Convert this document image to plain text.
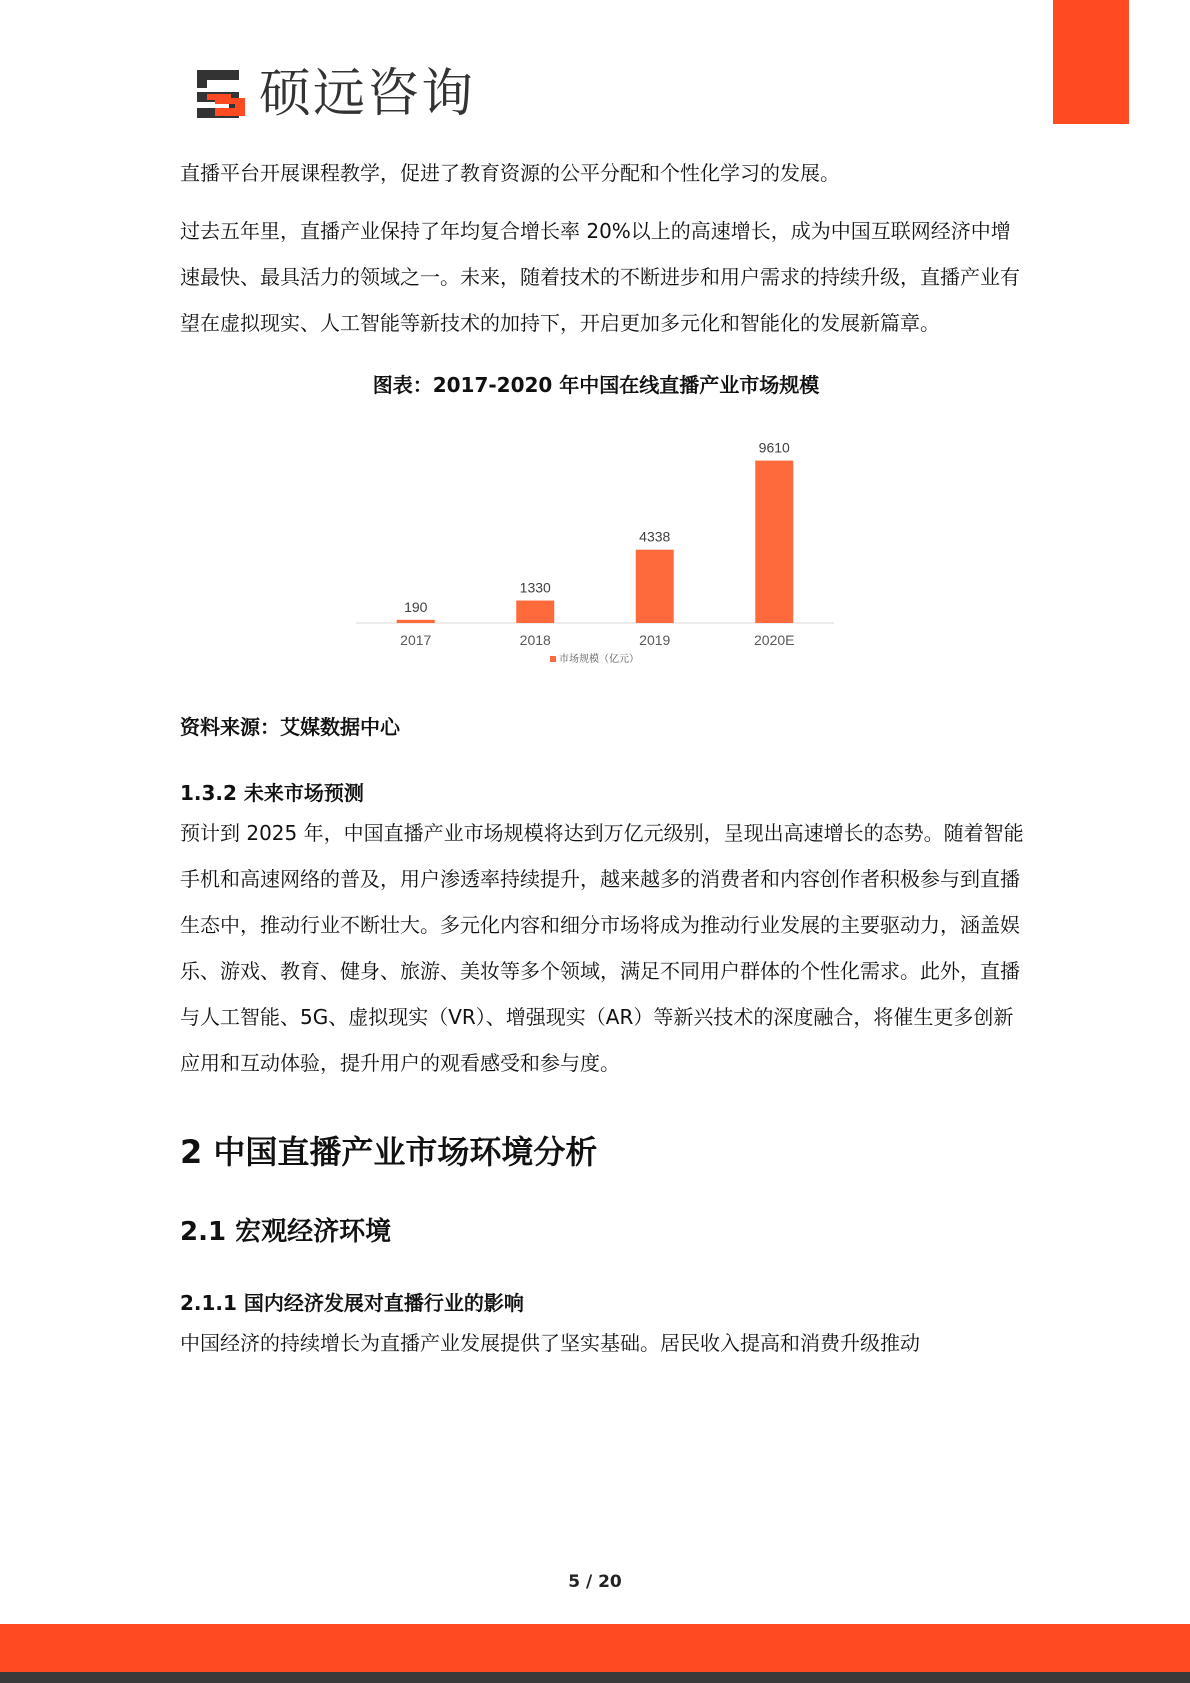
硕远咨询

直播平台开展课程教学，促进了教育资源的公平分配和个性化学习的发展。

过去五年里，直播产业保持了年均复合增长率 20%以上的高速增长，成为中国互联网经济中增速最快、最具活力的领域之一。未来，随着技术的不断进步和用户需求的持续升级，直播产业有望在虚拟现实、人工智能等新技术的加持下，开启更加多元化和智能化的发展新篇章。

图表：2017-2020 年中国在线直播产业市场规模
190
2017
1330
2018
4338
2019
9610
2020E
市场规模（亿元）
资料来源：艾媒数据中心
1.3.2 未来市场预测

预计到 2025 年，中国直播产业市场规模将达到万亿元级别，呈现出高速增长的态势。随着智能手机和高速网络的普及，用户渗透率持续提升，越来越多的消费者和内容创作者积极参与到直播生态中，推动行业不断壮大。多元化内容和细分市场将成为推动行业发展的主要驱动力，涵盖娱乐、游戏、教育、健身、旅游、美妆等多个领域，满足不同用户群体的个性化需求。此外，直播与人工智能、5G、虚拟现实（VR）、增强现实（AR）等新兴技术的深度融合，将催生更多创新应用和互动体验，提升用户的观看感受和参与度。

2 中国直播产业市场环境分析
2.1 宏观经济环境
2.1.1 国内经济发展对直播行业的影响

中国经济的持续增长为直播产业发展提供了坚实基础。居民收入提高和消费升级推动

5 / 20
